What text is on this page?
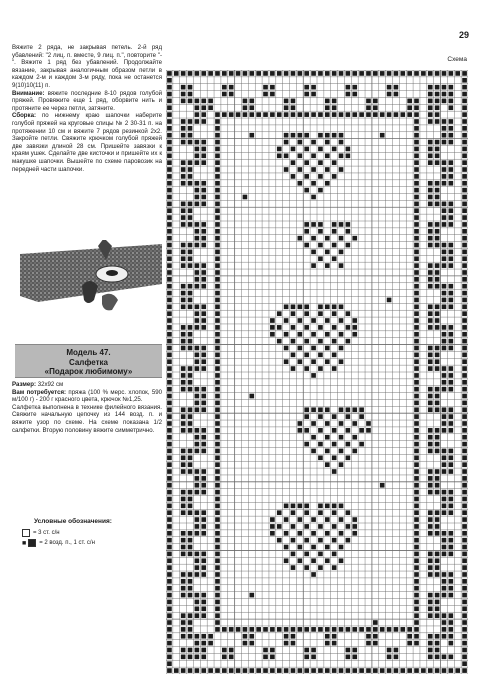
29
Схема

Вяжите 2 ряда, не закрывая петель. 2-й ряд убавлений: "2 лиц. п. вместе, 9 лиц. п.", повторите "-". Вяжите 1 ряд без убавлений. Продолжайте вязание, закрывая аналогичным образом петли в каждом 2-м и каждом 3-м ряду, пока не останется 9(10)10(11) п.

Внимание: вяжите последние 8-10 рядов голубой пряжей. Провяжите еще 1 ряд, оборвите нить и протяните ее через петли, затяните.

Сборка: по нижнему краю шапочки наберите голубой пряжей на круговые спицы № 2 30-31 п. на протяжении 10 см и вяжите 7 рядов резинкой 2x2. Закройте петли. Свяжите крючком голубой пряжей две завязки длиной 28 см. Пришейте завязки к краям ушек. Сделайте две кисточки и пришейте их к макушке шапочки. Вышейте по схеме паровозик на передней части шапочки.

Модель 47.
Салфетка
«Подарок любимому»

Размер: 32x92 см

Вам потребуется: пряжа (100 % мерс. хлопок, 590 м/100 г) - 200 г красного цвета, крючок №1,25.

Салфетка выполнена в технике филейного вязания. Свяжите начальную цепочку из 144 возд. п. и вяжите узор по схеме. На схеме показана 1/2 салфетки. Вторую половину вяжите симметрично.

Условные обозначения:
= 3 ст. с/н
■ = 2 возд. п., 1 ст. с/н
